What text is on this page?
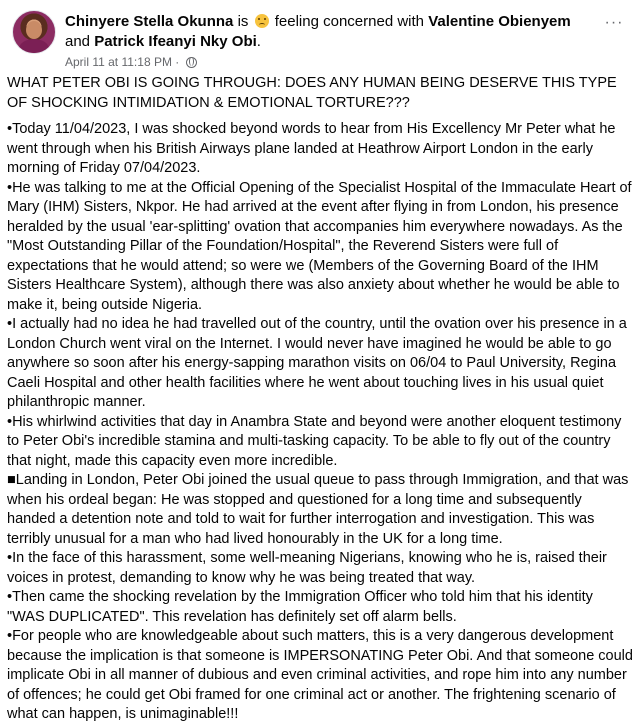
Chinyere Stella Okunna is feeling concerned with Valentine Obienyem and Patrick Ifeanyi Nky Obi.
April 11 at 11:18 PM ·
···

WHAT PETER OBI IS GOING THROUGH: DOES ANY HUMAN BEING DESERVE THIS TYPE OF SHOCKING INTIMIDATION & EMOTIONAL TORTURE???

•Today 11/04/2023, I was shocked beyond words to hear from His Excellency Mr Peter what he went through when his British Airways plane landed at Heathrow Airport London in the early morning of Friday 07/04/2023.

•He was talking to me at the Official Opening of the Specialist Hospital of the Immaculate Heart of Mary (IHM) Sisters, Nkpor. He had arrived at the event after flying in from London, his presence heralded by the usual 'ear-splitting' ovation that accompanies him everywhere nowadays. As the "Most Outstanding Pillar of the Foundation/Hospital", the Reverend Sisters were full of expectations that he would attend; so were we (Members of the Governing Board of the IHM Sisters Healthcare System), although there was also anxiety about whether he would be able to make it, being outside Nigeria.

•I actually had no idea he had travelled out of the country, until the ovation over his presence in a London Church went viral on the Internet. I would never have imagined he would be able to go anywhere so soon after his energy-sapping marathon visits on 06/04 to Paul University, Regina Caeli Hospital and other health facilities where he went about touching lives in his usual quiet philanthropic manner.

•His whirlwind activities that day in Anambra State and beyond were another eloquent testimony to Peter Obi's incredible stamina and multi-tasking capacity. To be able to fly out of the country that night, made this capacity even more incredible.

■Landing in London, Peter Obi joined the usual queue to pass through Immigration, and that was when his ordeal began: He was stopped and questioned for a long time and subsequently handed a detention note and told to wait for further interrogation and investigation. This was terribly unusual for a man who had lived honourably in the UK for a long time.

•In the face of this harassment, some well-meaning Nigerians, knowing who he is, raised their voices in protest, demanding to know why he was being treated that way.

•Then came the shocking revelation by the Immigration Officer who told him that his identity "WAS DUPLICATED". This revelation has definitely set off alarm bells.

•For people who are knowledgeable about such matters, this is a very dangerous development because the implication is that someone is IMPERSONATING Peter Obi. And that someone could implicate Obi in all manner of dubious and even criminal activities, and rope him into any number of offences; he could get Obi framed for one criminal act or another. The frightening scenario of what can happen, is unimaginable!!!
